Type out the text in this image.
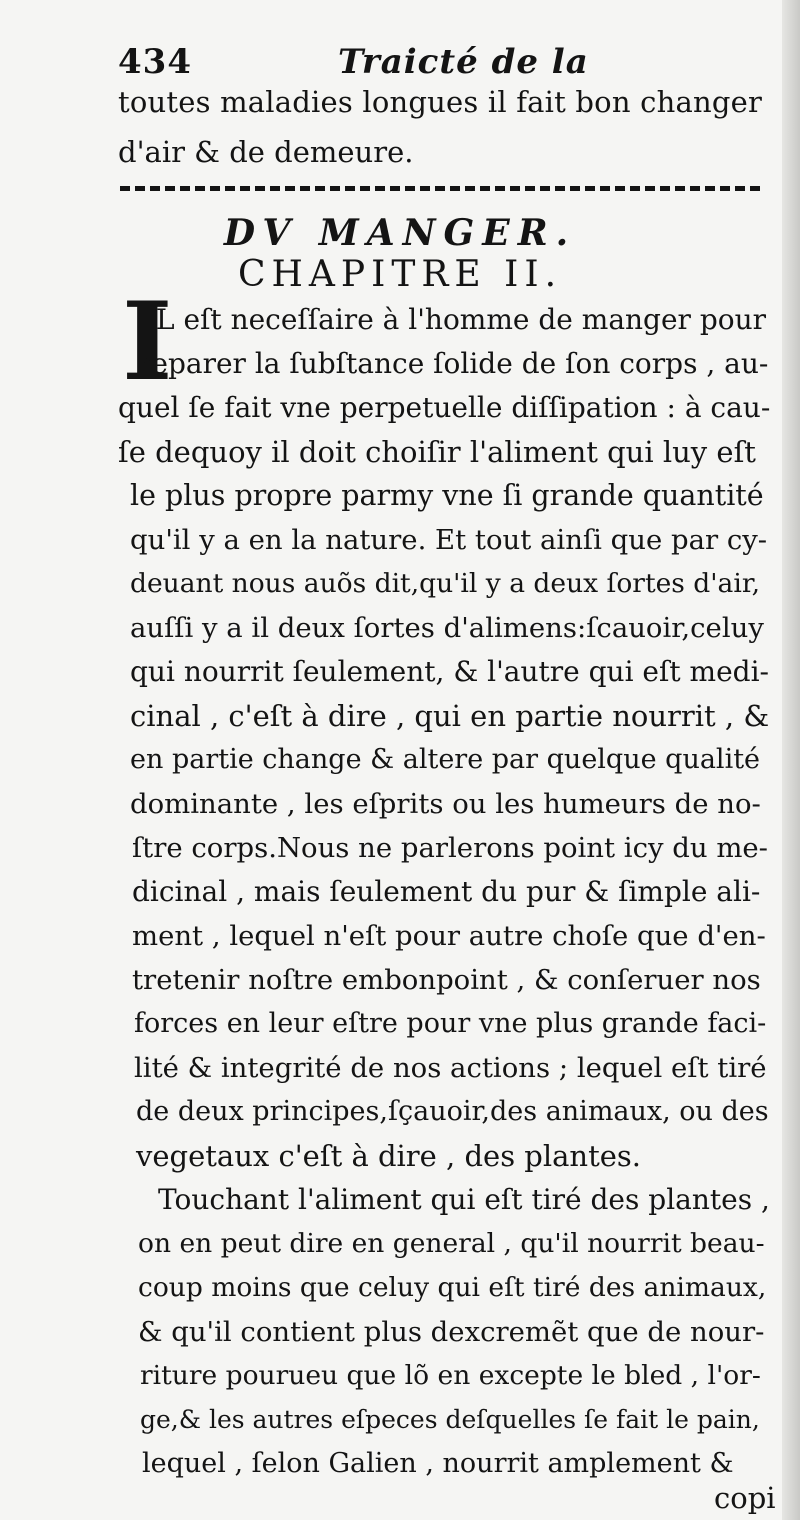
434	Traicté de la
toutes maladies longues il fait bon changer
d'air & de demeure.
DV MANGER.
CHAPITRE II.
I
L eſt neceſſaire à l'homme de manger pour
reparer la ſubſtance ſolide de ſon corps , au-
quel ſe fait vne perpetuelle diſſipation : à cau-
ſe dequoy il doit choiſir l'aliment qui luy eſt
le plus propre parmy vne ſi grande quantité
qu'il y a en la nature. Et tout ainſi que par cy-
deuant nous auõs dit,qu'il y a deux ſortes d'air,
auſſi y a il deux ſortes d'alimens:ſcauoir,celuy
qui nourrit ſeulement, & l'autre qui eſt medi-
cinal , c'eſt à dire , qui en partie nourrit , &
en partie change & altere par quelque qualité
dominante , les eſprits ou les humeurs de no-
ſtre corps.Nous ne parlerons point icy du me-
dicinal , mais ſeulement du pur & ſimple ali-
ment , lequel n'eſt pour autre choſe que d'en-
tretenir noſtre embonpoint , & conſeruer nos
forces en leur eſtre pour vne plus grande faci-
lité & integrité de nos actions ; lequel eſt tiré
de deux principes,ſçauoir,des animaux, ou des
vegetaux c'eſt à dire , des plantes.
Touchant l'aliment qui eſt tiré des plantes ,
on en peut dire en general , qu'il nourrit beau-
coup moins que celuy qui eſt tiré des animaux,
& qu'il contient plus dexcremẽt que de nour-
riture pourueu que lõ en excepte le bled , l'or-
ge,& les autres eſpeces deſquelles ſe fait le pain,
lequel , ſelon Galien , nourrit amplement &
copi
